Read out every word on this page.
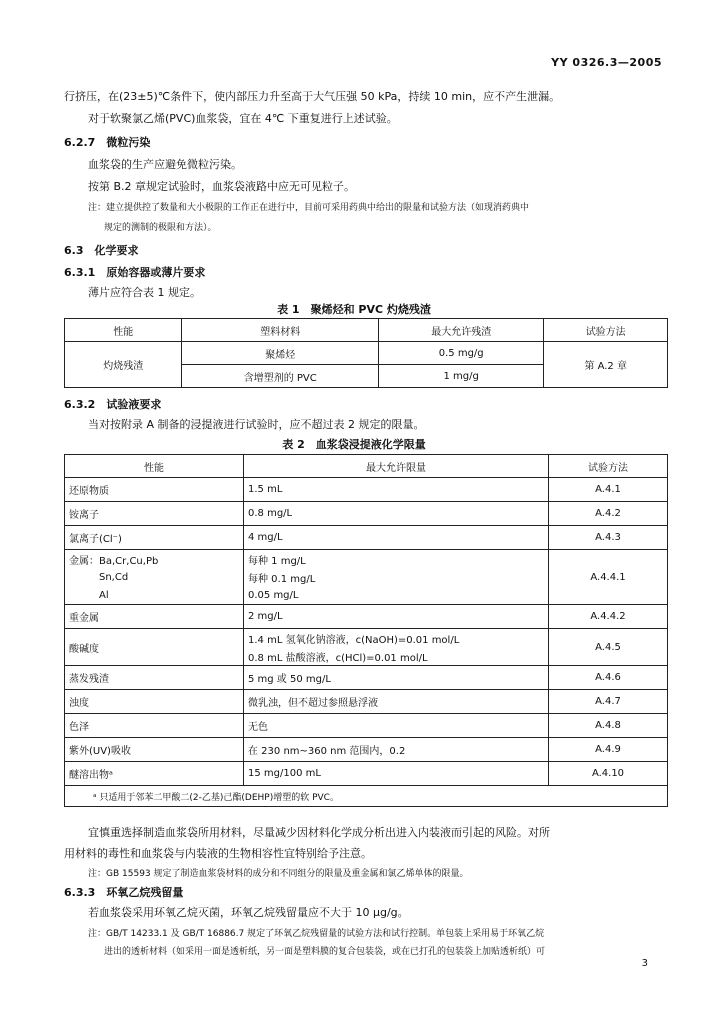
YY 0326.3—2005
行挤压，在(23±5)℃条件下，使内部压力升至高于大气压强 50 kPa，持续 10 min，应不产生泄漏。
对于软聚氯乙烯(PVC)血浆袋，宜在 4℃ 下重复进行上述试验。
6.2.7　微粒污染
血浆袋的生产应避免微粒污染。
按第 B.2 章规定试验时，血浆袋液路中应无可见粒子。
注：建立提供控了数量和大小极限的工作正在进行中，目前可采用药典中给出的限量和试验方法（如现消药典中
规定的测制的极限和方法）。
6.3　化学要求
6.3.1　原始容器或薄片要求
薄片应符合表 1 规定。
表 1　聚烯烃和 PVC 灼烧残渣
性能	塑料材料	最大允许残渣	试验方法
灼烧残渣	聚烯烃	0.5 mg/g	第 A.2 章
	含增塑剂的 PVC	1 mg/g	
6.3.2　试验液要求
当对按附录 A 制备的浸提液进行试验时，应不超过表 2 规定的限量。
表 2　血浆袋浸提液化学限量
性能	最大允许限量	试验方法
还原物质	1.5 mL	A.4.1
铵离子	0.8 mg/L	A.4.2
氯离子(Cl⁻)	4 mg/L	A.4.3
金属：Ba,Cr,Cu,Pb	每种 1 mg/L	A.4.4.1
Sn,Cd	每种 0.1 mg/L	
Al	0.05 mg/L	
重金属	2 mg/L	A.4.4.2
酸碱度	1.4 mL 氢氧化钠溶液，c(NaOH)=0.01 mol/L	A.4.5
	0.8 mL 盐酸溶液，c(HCl)=0.01 mol/L	
蒸发残渣	5 mg 或 50 mg/L	A.4.6
浊度	微乳浊，但不超过参照悬浮液	A.4.7
色泽	无色	A.4.8
紫外(UV)吸收	在 230 nm~360 nm 范围内，0.2	A.4.9
醚溶出物ᵃ	15 mg/100 mL	A.4.10
ᵃ 只适用于邻苯二甲酸二(2-乙基)己酯(DEHP)增塑的软 PVC。		
宜慎重选择制造血浆袋所用材料，尽量减少因材料化学成分析出进入内装液而引起的风险。对所
用材料的毒性和血浆袋与内装液的生物相容性宜特别给予注意。
注：GB 15593 规定了制造血浆袋材料的成分和不同组分的限量及重金属和氯乙烯单体的限量。
6.3.3　环氧乙烷残留量
若血浆袋采用环氧乙烷灭菌，环氧乙烷残留量应不大于 10 μg/g。
注：GB/T 14233.1 及 GB/T 16886.7 规定了环氧乙烷残留量的试验方法和试行控制。单包装上采用易于环氧乙烷
进出的透析材料（如采用一面是透析纸，另一面是塑料膜的复合包装袋，或在已打孔的包装袋上加贴透析纸）可
3
